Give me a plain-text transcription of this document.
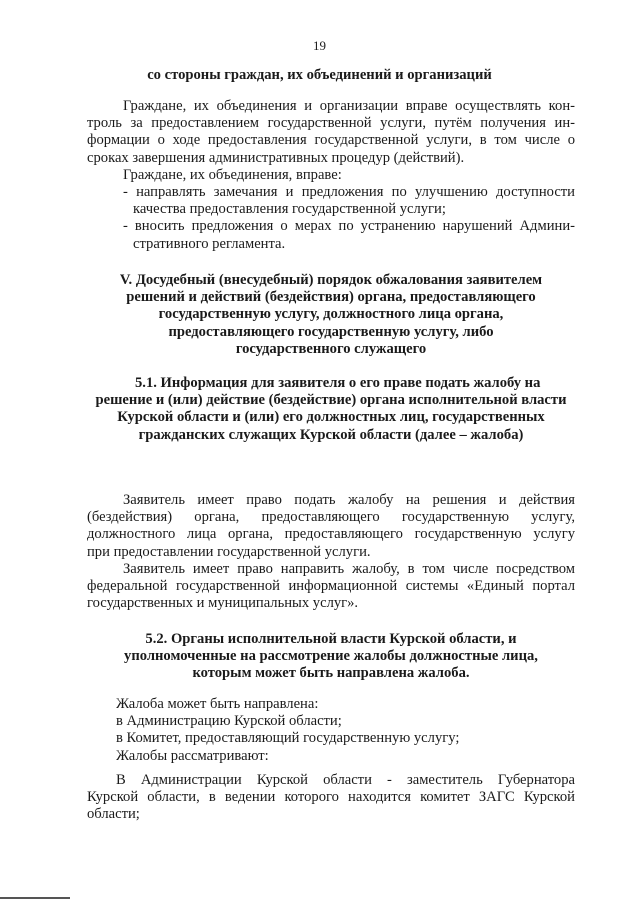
19
со стороны граждан, их объединений и организаций
Граждане, их объединения и организации вправе осуществлять кон-
троль за предоставлением государственной услуги, путём получения ин-
формации о ходе предоставления государственной услуги, в том числе о
сроках завершения административных процедур (действий).
Граждане, их объединения, вправе:
- направлять замечания и предложения по улучшению доступности
качества предоставления государственной услуги;
- вносить предложения о мерах по устранению нарушений Админи-
стративного регламента.
V. Досудебный (внесудебный) порядок обжалования заявителем
решений и действий (бездействия) органа, предоставляющего
государственную услугу, должностного лица органа,
предоставляющего государственную услугу, либо
государственного служащего
5.1. Информация для заявителя о его праве подать жалобу на
решение и (или) действие (бездействие) органа исполнительной власти
Курской области и (или) его должностных лиц, государственных
гражданских служащих Курской области (далее – жалоба)
Заявитель имеет право подать жалобу на решения и действия
(бездействия) органа, предоставляющего государственную услугу,
должностного лица органа, предоставляющего государственную услугу
при предоставлении государственной услуги.
Заявитель имеет право направить жалобу, в том числе посредством
федеральной государственной информационной системы «Единый портал
государственных и муниципальных услуг».
5.2. Органы исполнительной власти Курской области, и
уполномоченные на рассмотрение жалобы должностные лица,
которым может быть направлена жалоба.
Жалоба может быть направлена:
в Администрацию Курской области;
в Комитет, предоставляющий государственную услугу;
Жалобы рассматривают:
В Администрации Курской области - заместитель Губернатора
Курской области, в ведении которого находится комитет ЗАГС Курской
области;
